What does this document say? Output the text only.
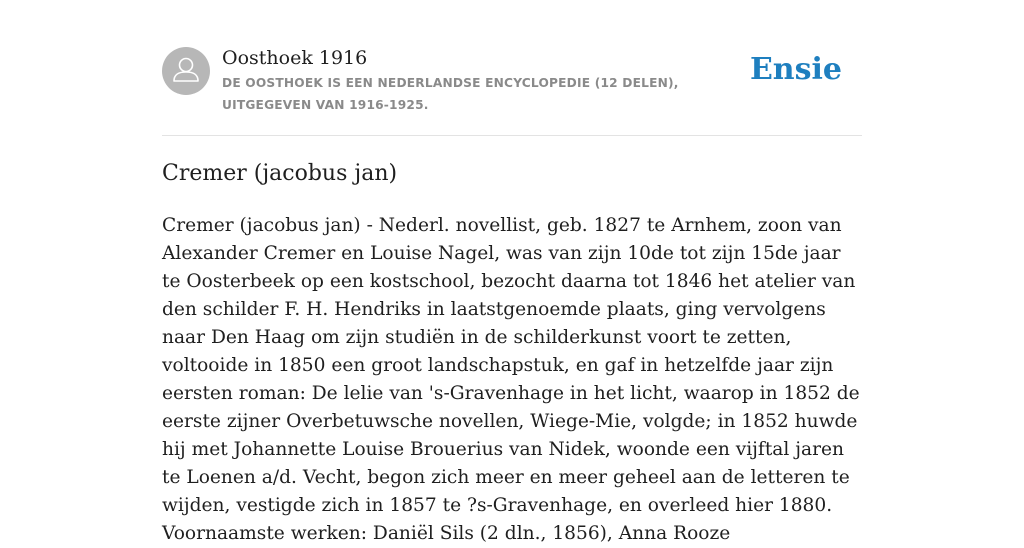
Oosthoek 1916
DE OOSTHOEK IS EEN NEDERLANDSE ENCYCLOPEDIE (12 DELEN), UITGEGEVEN VAN 1916-1925.
Ensie
Cremer (jacobus jan)

Cremer (jacobus jan) - Nederl. novellist, geb. 1827 te Arnhem, zoon van Alexander Cremer en Louise Nagel, was van zijn 10de tot zijn 15de jaar te Oosterbeek op een kostschool, bezocht daarna tot 1846 het atelier van den schilder F. H. Hendriks in laatstgenoemde plaats, ging vervolgens naar Den Haag om zijn studiën in de schilderkunst voort te zetten, voltooide in 1850 een groot landschapstuk, en gaf in hetzelfde jaar zijn eersten roman: De lelie van 's-Gravenhage in het licht, waarop in 1852 de eerste zijner Overbetuwsche novellen, Wiege-Mie, volgde; in 1852 huwde hij met Johannette Louise Brouerius van Nidek, woonde een vijftal jaren te Loenen a/d. Vecht, begon zich meer en meer geheel aan de letteren te wijden, vestigde zich in 1857 te ?s-Gravenhage, en overleed hier 1880. Voornaamste werken: Daniël Sils (2 dln., 1856), Anna Rooze
